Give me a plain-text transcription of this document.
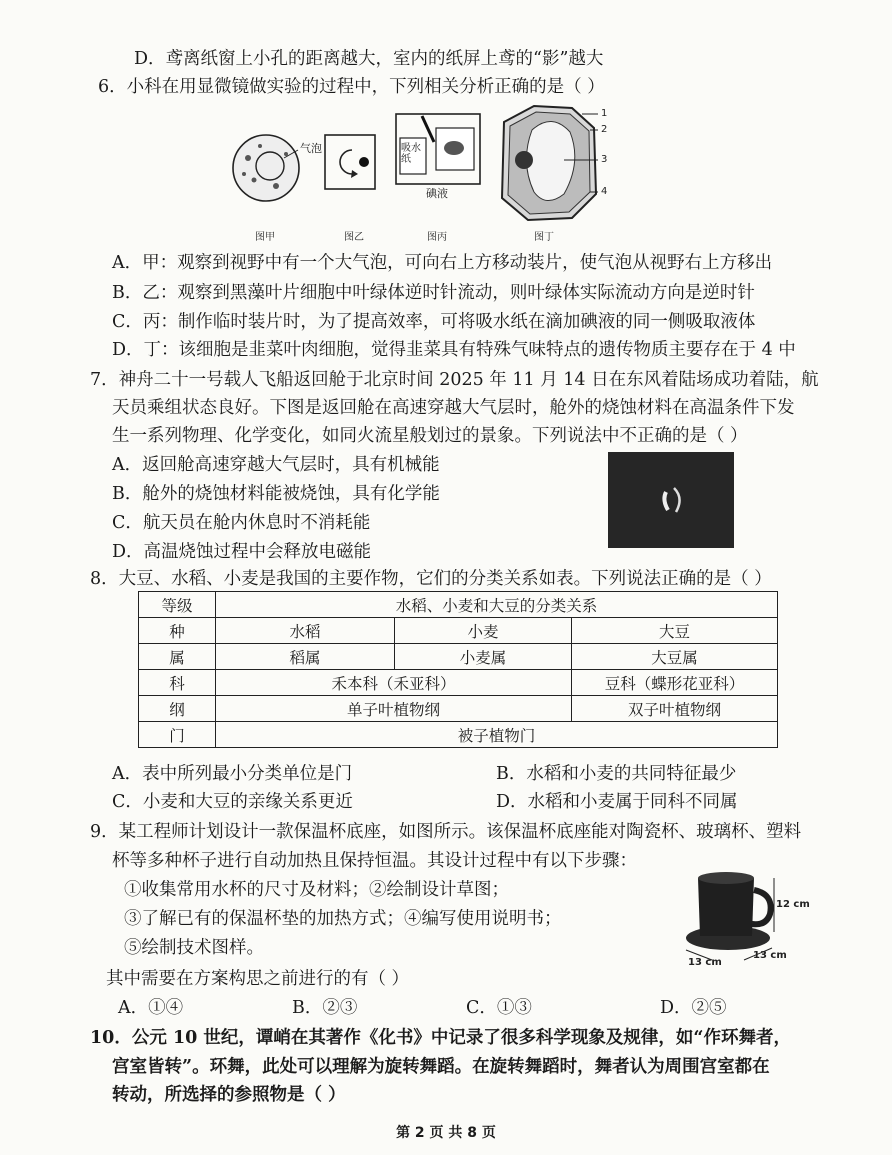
D．鸢离纸窗上小孔的距离越大，室内的纸屏上鸢的“影”越大
6．小科在用显微镜做实验的过程中，下列相关分析正确的是（ ）
气泡	吸水纸
碘液
1
2
3
4
图甲	图乙	图丙	图丁
A．甲：观察到视野中有一个大气泡，可向右上方移动装片，使气泡从视野右上方移出
B．乙：观察到黑藻叶片细胞中叶绿体逆时针流动，则叶绿体实际流动方向是逆时针
C．丙：制作临时装片时，为了提高效率，可将吸水纸在滴加碘液的同一侧吸取液体
D．丁：该细胞是韭菜叶肉细胞，觉得韭菜具有特殊气味特点的遗传物质主要存在于 4 中
7．神舟二十一号载人飞船返回舱于北京时间 2025 年 11 月 14 日在东风着陆场成功着陆，航
天员乘组状态良好。下图是返回舱在高速穿越大气层时，舱外的烧蚀材料在高温条件下发
生一系列物理、化学变化，如同火流星般划过的景象。下列说法中不正确的是（ ）
A．返回舱高速穿越大气层时，具有机械能
B．舱外的烧蚀材料能被烧蚀，具有化学能
C．航天员在舱内休息时不消耗能
D．高温烧蚀过程中会释放电磁能
8．大豆、水稻、小麦是我国的主要作物，它们的分类关系如表。下列说法正确的是（ ）
等级	水稻、小麦和大豆的分类关系		
种	水稻	小麦	大豆
属	稻属	小麦属	大豆属
科	禾本科（禾亚科）		豆科（蝶形花亚科）
纲	单子叶植物纲		双子叶植物纲
门	被子植物门		
A．表中所列最小分类单位是门	B．水稻和小麦的共同特征最少
C．小麦和大豆的亲缘关系更近	D．水稻和小麦属于同科不同属
9．某工程师计划设计一款保温杯底座，如图所示。该保温杯底座能对陶瓷杯、玻璃杯、塑料
杯等多种杯子进行自动加热且保持恒温。其设计过程中有以下步骤：
①收集常用水杯的尺寸及材料；②绘制设计草图；
③了解已有的保温杯垫的加热方式；④编写使用说明书；
⑤绘制技术图样。
其中需要在方案构思之前进行的有（ ）
A．①④	B．②③	C．①③	D．②⑤
12 cm
13 cm
13 cm
10．公元 10 世纪，谭峭在其著作《化书》中记录了很多科学现象及规律，如“作环舞者，
宫室皆转”。环舞，此处可以理解为旋转舞蹈。在旋转舞蹈时，舞者认为周围宫室都在
转动，所选择的参照物是（ ）
第 2 页 共 8 页
